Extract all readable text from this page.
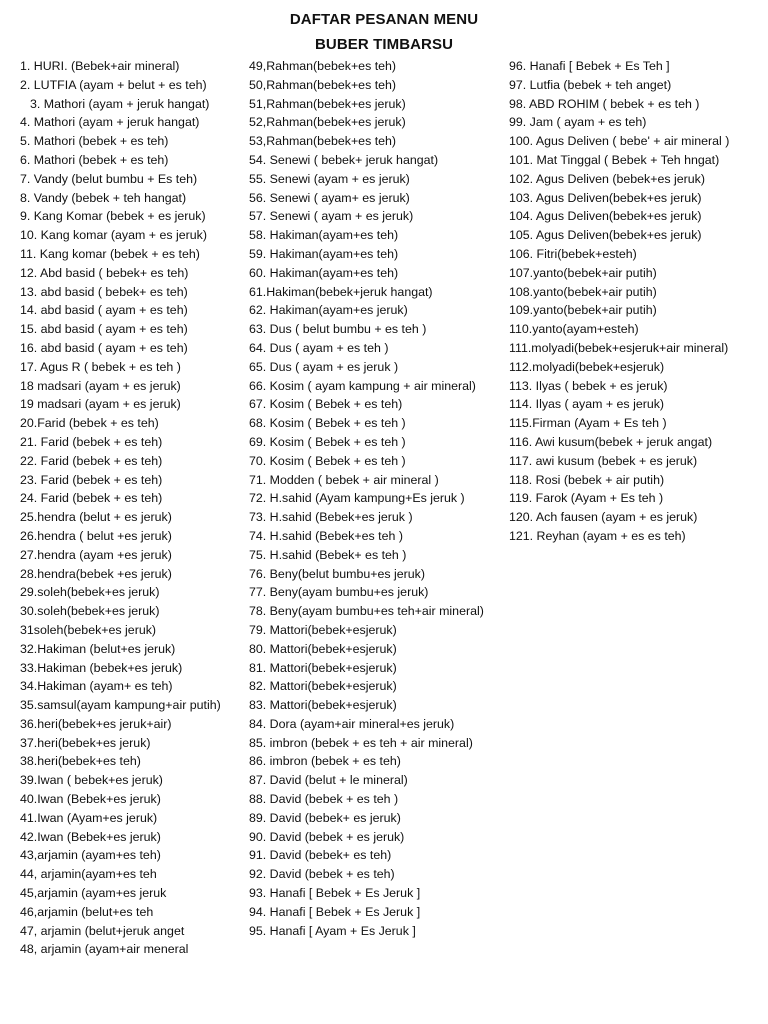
DAFTAR PESANAN MENU
BUBER TIMBARSU
1. HURI. (Bebek+air mineral)
2. LUTFIA (ayam + belut + es teh)
3. Mathori (ayam + jeruk hangat)
4. Mathori (ayam + jeruk hangat)
5. Mathori (bebek + es teh)
6. Mathori (bebek + es teh)
7. Vandy (belut bumbu + Es teh)
8. Vandy (bebek + teh hangat)
9. Kang Komar (bebek + es jeruk)
10. Kang komar (ayam + es jeruk)
11. Kang komar (bebek + es teh)
12. Abd basid ( bebek+ es teh)
13. abd basid ( bebek+ es teh)
14. abd basid ( ayam + es teh)
15. abd basid ( ayam + es teh)
16. abd basid ( ayam + es teh)
17. Agus R ( bebek + es teh )
18 madsari (ayam + es jeruk)
19 madsari (ayam + es jeruk)
20.Farid (bebek + es teh)
21. Farid (bebek + es teh)
22. Farid (bebek + es teh)
23. Farid (bebek + es teh)
24. Farid (bebek + es teh)
25.hendra (belut + es jeruk)
26.hendra ( belut +es jeruk)
27.hendra (ayam +es jeruk)
28.hendra(bebek +es jeruk)
29.soleh(bebek+es jeruk)
30.soleh(bebek+es jeruk)
31soleh(bebek+es jeruk)
32.Hakiman (belut+es jeruk)
33.Hakiman (bebek+es jeruk)
34.Hakiman (ayam+ es teh)
35.samsul(ayam kampung+air putih)
36.heri(bebek+es jeruk+air)
37.heri(bebek+es jeruk)
38.heri(bebek+es teh)
39.Iwan ( bebek+es jeruk)
40.Iwan (Bebek+es jeruk)
41.Iwan (Ayam+es jeruk)
42.Iwan (Bebek+es jeruk)
43,arjamin (ayam+es teh)
44, arjamin(ayam+es teh
45,arjamin (ayam+es jeruk
46,arjamin (belut+es teh
47, arjamin (belut+jeruk anget
48, arjamin (ayam+air meneral
49,Rahman(bebek+es teh)
50,Rahman(bebek+es teh)
51,Rahman(bebek+es jeruk)
52,Rahman(bebek+es jeruk)
53,Rahman(bebek+es teh)
54. Senewi ( bebek+ jeruk hangat)
55. Senewi (ayam + es jeruk)
56. Senewi ( ayam+ es jeruk)
57. Senewi ( ayam + es jeruk)
58. Hakiman(ayam+es teh)
59. Hakiman(ayam+es teh)
60. Hakiman(ayam+es teh)
61.Hakiman(bebek+jeruk hangat)
62. Hakiman(ayam+es jeruk)
63. Dus ( belut bumbu + es teh )
64. Dus ( ayam + es teh )
65. Dus ( ayam + es jeruk )
66. Kosim ( ayam kampung + air mineral)
67. Kosim ( Bebek + es teh)
68. Kosim ( Bebek + es teh )
69. Kosim ( Bebek + es teh )
70. Kosim ( Bebek + es teh )
71. Modden ( bebek + air mineral )
72. H.sahid (Ayam kampung+Es jeruk )
73. H.sahid (Bebek+es jeruk )
74. H.sahid (Bebek+es teh )
75. H.sahid (Bebek+ es teh )
76. Beny(belut bumbu+es jeruk)
77. Beny(ayam bumbu+es jeruk)
78. Beny(ayam bumbu+es teh+air mineral)
79. Mattori(bebek+esjeruk)
80. Mattori(bebek+esjeruk)
81. Mattori(bebek+esjeruk)
82. Mattori(bebek+esjeruk)
83. Mattori(bebek+esjeruk)
84. Dora (ayam+air mineral+es jeruk)
85. imbron (bebek + es teh + air mineral)
86. imbron (bebek + es teh)
87. David (belut + le mineral)
88. David (bebek + es teh )
89. David (bebek+ es jeruk)
90. David (bebek + es jeruk)
91. David (bebek+ es teh)
92. David (bebek + es teh)
93. Hanafi [ Bebek + Es Jeruk ]
94. Hanafi [ Bebek + Es Jeruk ]
95. Hanafi [ Ayam + Es Jeruk ]
96. Hanafi [ Bebek + Es Teh ]
97. Lutfia (bebek + teh anget)
98. ABD ROHIM ( bebek + es teh )
99. Jam ( ayam + es teh)
100. Agus Deliven ( bebe' + air mineral )
101. Mat Tinggal ( Bebek + Teh hngat)
102. Agus Deliven (bebek+es jeruk)
103. Agus Deliven(bebek+es jeruk)
104. Agus Deliven(bebek+es jeruk)
105. Agus Deliven(bebek+es jeruk)
106. Fitri(bebek+esteh)
107.yanto(bebek+air putih)
108.yanto(bebek+air putih)
109.yanto(bebek+air putih)
110.yanto(ayam+esteh)
111.molyadi(bebek+esjeruk+air mineral)
112.molyadi(bebek+esjeruk)
113. Ilyas ( bebek + es jeruk)
114. Ilyas ( ayam + es jeruk)
115.Firman (Ayam + Es teh )
116. Awi kusum(bebek + jeruk angat)
117. awi kusum (bebek + es jeruk)
118. Rosi (bebek + air putih)
119. Farok (Ayam + Es teh )
120. Ach fausen (ayam + es jeruk)
121. Reyhan (ayam + es es teh)
